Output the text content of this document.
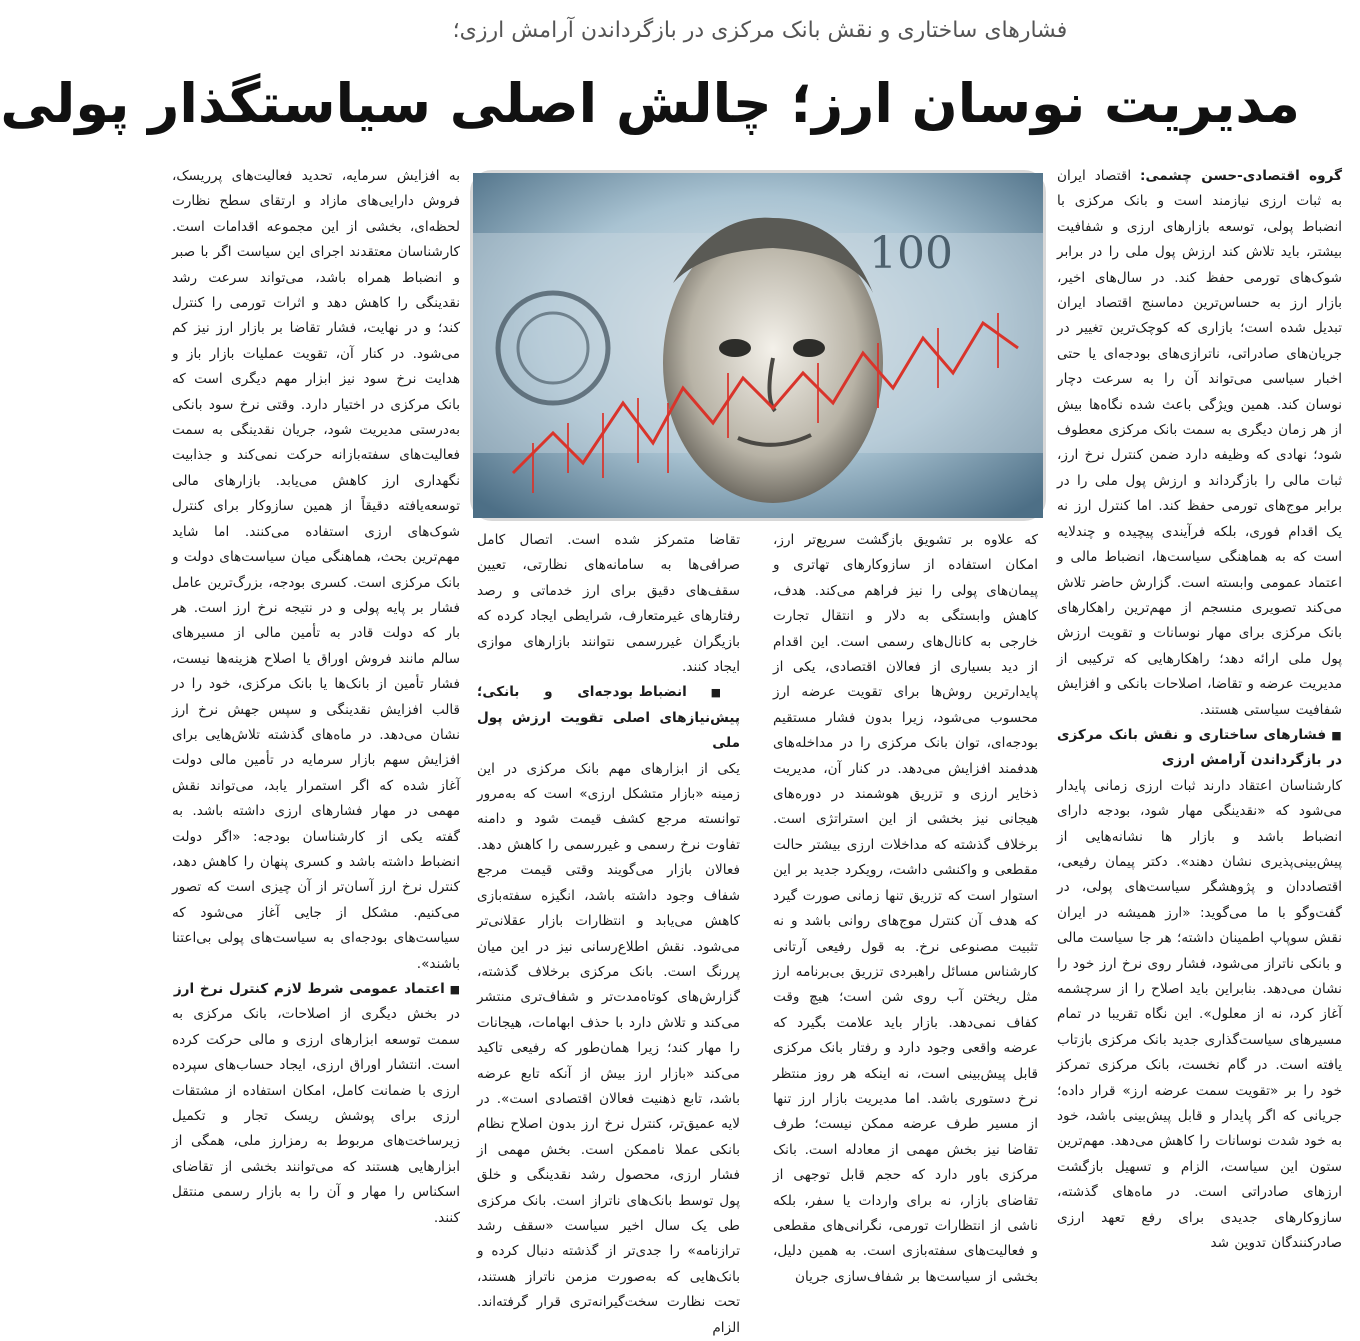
فشارهای ساختاری و نقش بانک مرکزی در بازگرداندن آرامش ارزی؛
مدیریت نوسان ارز؛ چالش اصلی سیاستگذار پولی

گروه اقتصادی-حسن چشمی: اقتصاد ایران به ثبات ارزی نیازمند است و بانک مرکزی با انضباط پولی، توسعه بازارهای ارزی و شفافیت بیشتر، باید تلاش کند ارزش پول ملی را در برابر شوک‌های تورمی حفظ کند. در سال‌های اخیر، بازار ارز به حساس‌ترین دماسنج اقتصاد ایران تبدیل شده است؛ بازاری که کوچک‌ترین تغییر در جریان‌های صادراتی، ناترازی‌های بودجه‌ای یا حتی اخبار سیاسی می‌تواند آن را به سرعت دچار نوسان کند. همین ویژگی باعث شده نگاه‌ها بیش از هر زمان دیگری به سمت بانک مرکزی معطوف شود؛ نهادی که وظیفه دارد ضمن کنترل نرخ ارز، ثبات مالی را بازگرداند و ارزش پول ملی را در برابر موج‌های تورمی حفظ کند. اما کنترل ارز نه یک اقدام فوری، بلکه فرآیندی پیچیده و چندلایه است که به هماهنگی سیاست‌ها، انضباط مالی و اعتماد عمومی وابسته است. گزارش حاضر تلاش می‌کند تصویری منسجم از مهم‌ترین راهکارهای بانک مرکزی برای مهار نوسانات و تقویت ارزش پول ملی ارائه دهد؛ راهکارهایی که ترکیبی از مدیریت عرضه و تقاضا، اصلاحات بانکی و افزایش شفافیت سیاستی هستند.

■ فشارهای ساختاری و نقش بانک مرکزی در بازگرداندن آرامش ارزی

کارشناسان اعتقاد دارند ثبات ارزی زمانی پایدار می‌شود که «نقدینگی مهار شود، بودجه دارای انضباط باشد و بازار ها نشانه‌هایی از پیش‌بینی‌پذیری نشان دهند». دکتر پیمان رفیعی، اقتصاددان و پژوهشگر سیاست‌های پولی، در گفت‌وگو با ما می‌گوید: «ارز همیشه در ایران نقش سوپاپ اطمینان داشته؛ هر جا سیاست مالی و بانکی ناتراز می‌شود، فشار روی نرخ ارز خود را نشان می‌دهد. بنابراین باید اصلاح را از سرچشمه آغاز کرد، نه از معلول». این نگاه تقریبا در تمام مسیرهای سیاست‌گذاری جدید بانک مرکزی بازتاب یافته است. در گام نخست، بانک مرکزی تمرکز خود را بر «تقویت سمت عرضه ارز» قرار داده؛ جریانی که اگر پایدار و قابل پیش‌بینی باشد، خود به خود شدت نوسانات را کاهش می‌دهد. مهم‌ترین ستون این سیاست، الزام و تسهیل بازگشت ارزهای صادراتی است. در ماه‌های گذشته، سازوکارهای جدیدی برای رفع تعهد ارزی صادرکنندگان تدوین شد

که علاوه بر تشویق بازگشت سریع‌تر ارز، امکان استفاده از سازوکارهای تهاتری و پیمان‌های پولی را نیز فراهم می‌کند. هدف، کاهش وابستگی به دلار و انتقال تجارت خارجی به کانال‌های رسمی است. این اقدام از دید بسیاری از فعالان اقتصادی، یکی از پایدارترین روش‌ها برای تقویت عرضه ارز محسوب می‌شود، زیرا بدون فشار مستقیم بودجه‌ای، توان بانک مرکزی را در مداخله‌های هدفمند افزایش می‌دهد. در کنار آن، مدیریت ذخایر ارزی و تزریق هوشمند در دوره‌های هیجانی نیز بخشی از این استراتژی است. برخلاف گذشته که مداخلات ارزی بیشتر حالت مقطعی و واکنشی داشت، رویکرد جدید بر این استوار است که تزریق تنها زمانی صورت گیرد که هدف آن کنترل موج‌های روانی باشد و نه تثبیت مصنوعی نرخ. به قول رفیعی آرتانی کارشناس مسائل راهبردی تزریق بی‌برنامه ارز مثل ریختن آب روی شن است؛ هیچ وقت کفاف نمی‌دهد. بازار باید علامت بگیرد که عرضه واقعی وجود دارد و رفتار بانک مرکزی قابل پیش‌بینی است، نه اینکه هر روز منتظر نرخ دستوری باشد. اما مدیریت بازار ارز تنها از مسیر طرف عرضه ممکن نیست؛ طرف تقاضا نیز بخش مهمی از معادله است. بانک مرکزی باور دارد که حجم قابل توجهی از تقاضای بازار، نه برای واردات یا سفر، بلکه ناشی از انتظارات تورمی، نگرانی‌های مقطعی و فعالیت‌های سفته‌بازی است. به همین دلیل، بخشی از سیاست‌ها بر شفاف‌سازی جریان

تقاضا متمرکز شده است. اتصال کامل صرافی‌ها به سامانه‌های نظارتی، تعیین سقف‌های دقیق برای ارز خدماتی و رصد رفتارهای غیرمتعارف، شرایطی ایجاد کرده که بازیگران غیررسمی نتوانند بازارهای موازی ایجاد کنند.

■ انضباط بودجه‌ای و بانکی؛ پیش‌نیازهای اصلی تقویت ارزش پول ملی

یکی از ابزارهای مهم بانک مرکزی در این زمینه «بازار متشکل ارزی» است که به‌مرور توانسته مرجع کشف قیمت شود و دامنه تفاوت نرخ رسمی و غیررسمی را کاهش دهد. فعالان بازار می‌گویند وقتی قیمت مرجع شفاف وجود داشته باشد، انگیزه سفته‌بازی کاهش می‌یابد و انتظارات بازار عقلانی‌تر می‌شود. نقش اطلاع‌رسانی نیز در این میان پررنگ است. بانک مرکزی برخلاف گذشته، گزارش‌های کوتاه‌مدت‌تر و شفاف‌تری منتشر می‌کند و تلاش دارد با حذف ابهامات، هیجانات را مهار کند؛ زیرا همان‌طور که رفیعی تاکید می‌کند «بازار ارز بیش از آنکه تابع عرضه باشد، تابع ذهنیت فعالان اقتصادی است». در لایه عمیق‌تر، کنترل نرخ ارز بدون اصلاح نظام بانکی عملا ناممکن است. بخش مهمی از فشار ارزی، محصول رشد نقدینگی و خلق پول توسط بانک‌های ناتراز است. بانک مرکزی طی یک سال اخیر سیاست «سقف رشد ترازنامه» را جدی‌تر از گذشته دنبال کرده و بانک‌هایی که به‌صورت مزمن ناتراز هستند، تحت نظارت سخت‌گیرانه‌تری قرار گرفته‌اند. الزام

به افزایش سرمایه، تحدید فعالیت‌های پرریسک، فروش دارایی‌های مازاد و ارتقای سطح نظارت لحظه‌ای، بخشی از این مجموعه اقدامات است. کارشناسان معتقدند اجرای این سیاست اگر با صبر و انضباط همراه باشد، می‌تواند سرعت رشد نقدینگی را کاهش دهد و اثرات تورمی را کنترل کند؛ و در نهایت، فشار تقاضا بر بازار ارز نیز کم می‌شود. در کنار آن، تقویت عملیات بازار باز و هدایت نرخ سود نیز ابزار مهم دیگری است که بانک مرکزی در اختیار دارد. وقتی نرخ سود بانکی به‌درستی مدیریت شود، جریان نقدینگی به سمت فعالیت‌های سفته‌بازانه حرکت نمی‌کند و جذابیت نگهداری ارز کاهش می‌یابد. بازارهای مالی توسعه‌یافته دقیقاً از همین سازوکار برای کنترل شوک‌های ارزی استفاده می‌کنند. اما شاید مهم‌ترین بحث، هماهنگی میان سیاست‌های دولت و بانک مرکزی است. کسری بودجه، بزرگ‌ترین عامل فشار بر پایه پولی و در نتیجه نرخ ارز است. هر بار که دولت قادر به تأمین مالی از مسیرهای سالم مانند فروش اوراق یا اصلاح هزینه‌ها نیست، فشار تأمین از بانک‌ها یا بانک مرکزی، خود را در قالب افزایش نقدینگی و سپس جهش نرخ ارز نشان می‌دهد. در ماه‌های گذشته تلاش‌هایی برای افزایش سهم بازار سرمایه در تأمین مالی دولت آغاز شده که اگر استمرار یابد، می‌تواند نقش مهمی در مهار فشارهای ارزی داشته باشد. به گفته یکی از کارشناسان بودجه: «اگر دولت انضباط داشته باشد و کسری پنهان را کاهش دهد، کنترل نرخ ارز آسان‌تر از آن چیزی است که تصور می‌کنیم. مشکل از جایی آغاز می‌شود که سیاست‌های بودجه‌ای به سیاست‌های پولی بی‌اعتنا باشند».

■ اعتماد عمومی شرط لازم کنترل نرخ ارز

در بخش دیگری از اصلاحات، بانک مرکزی به سمت توسعه ابزارهای ارزی و مالی حرکت کرده است. انتشار اوراق ارزی، ایجاد حساب‌های سپرده ارزی با ضمانت کامل، امکان استفاده از مشتقات ارزی برای پوشش ریسک تجار و تکمیل زیرساخت‌های مربوط به رمزارز ملی، همگی از ابزارهایی هستند که می‌توانند بخشی از تقاضای اسکناس را مهار و آن را به بازار رسمی منتقل کنند.

100
